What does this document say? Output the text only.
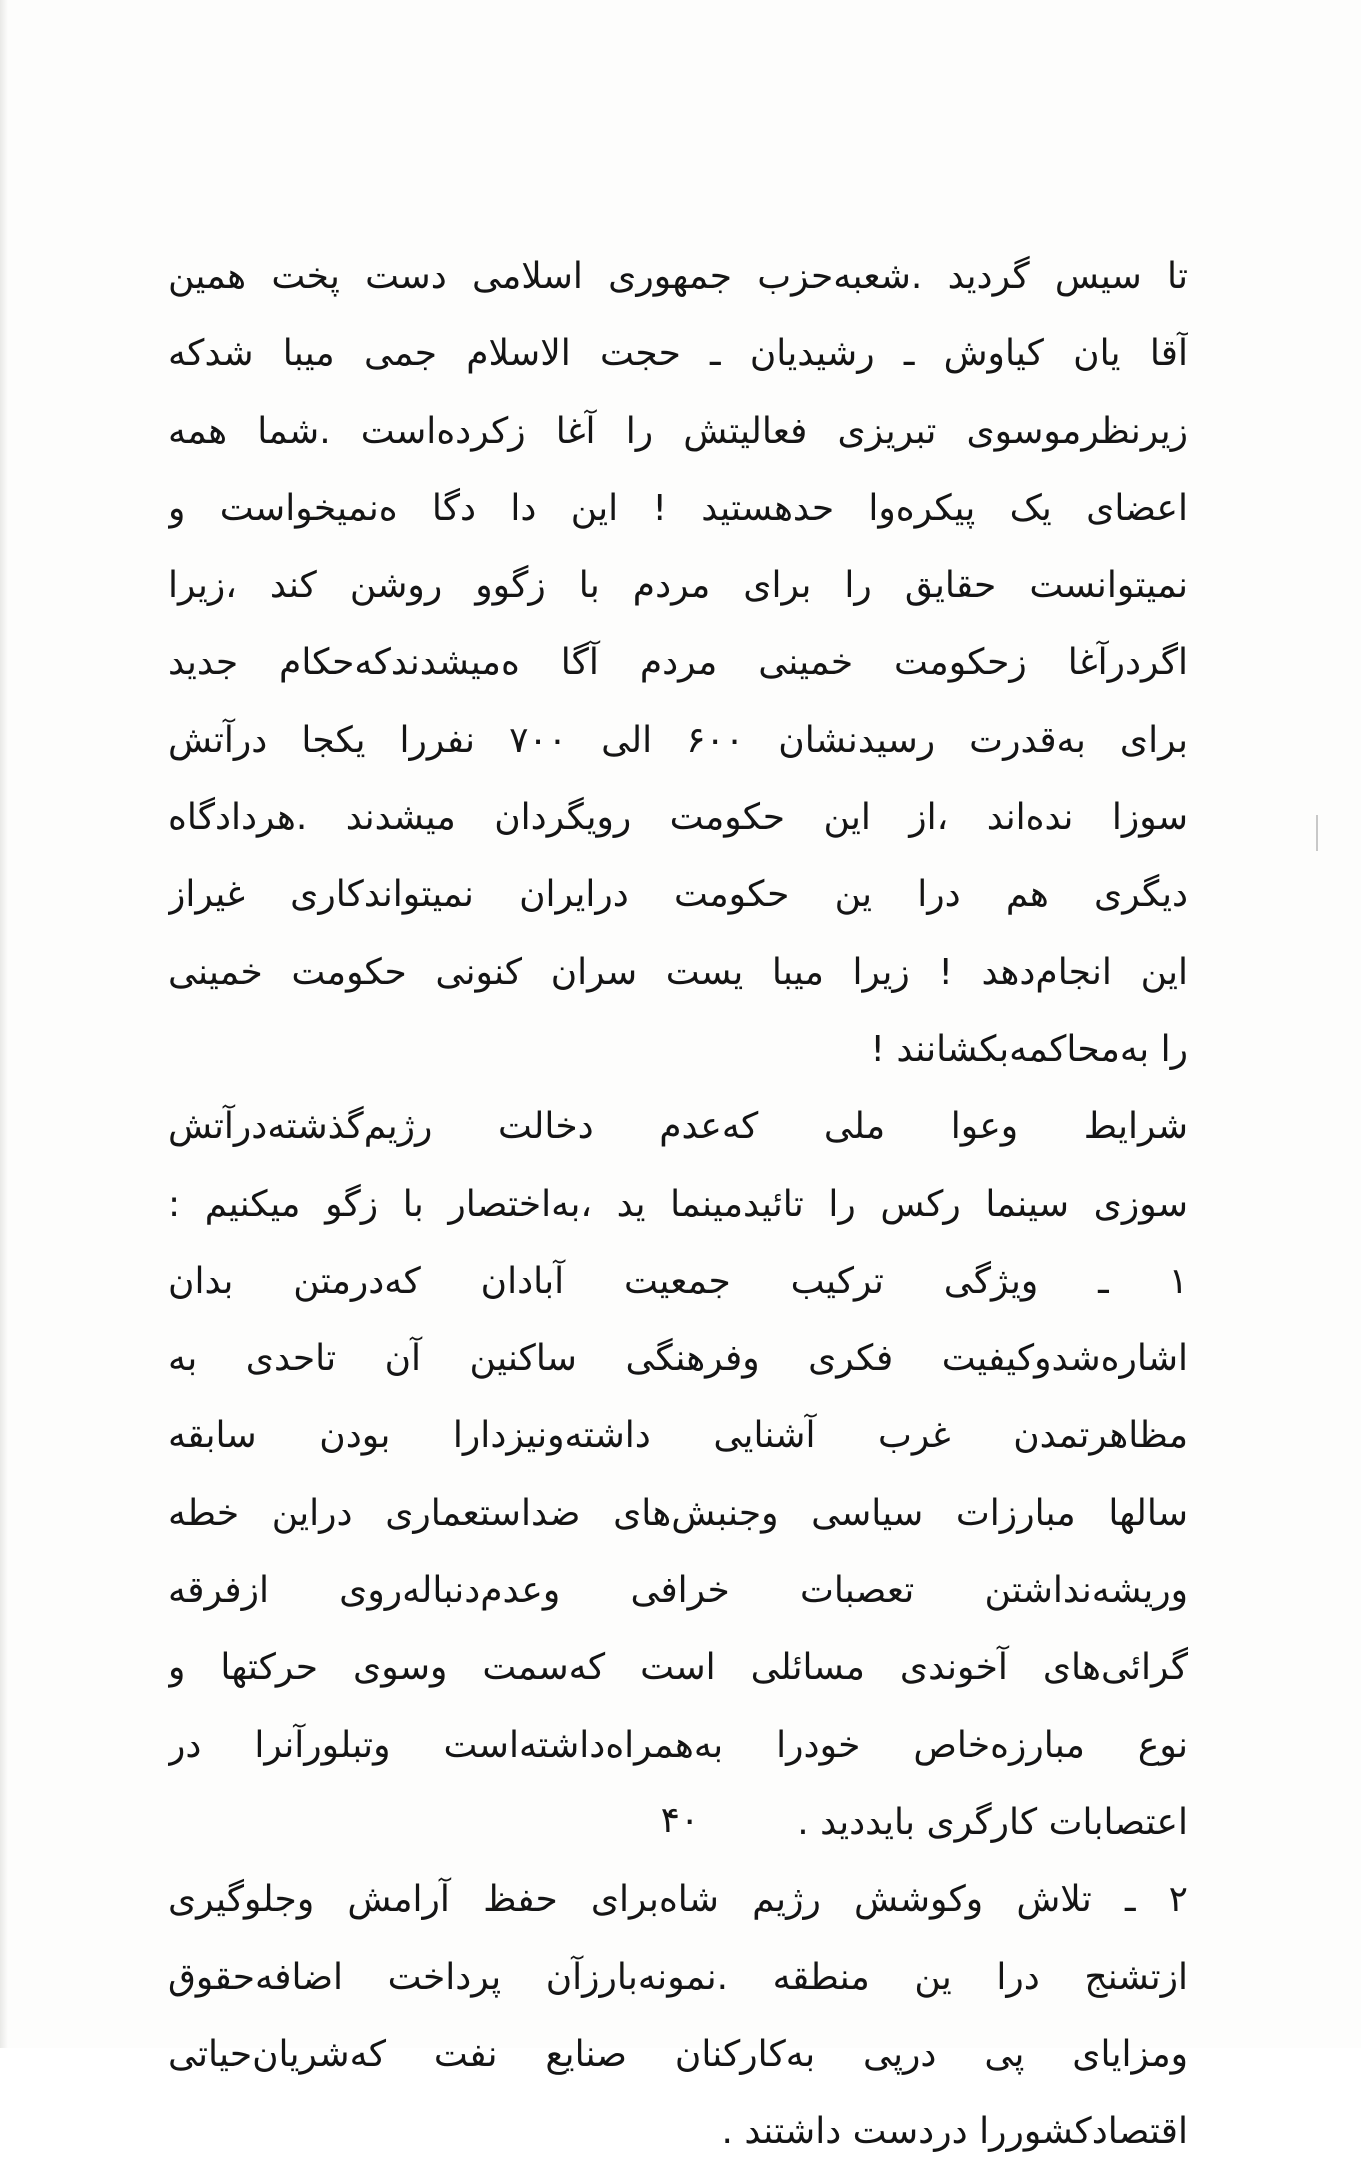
تا سیس گردید .شعبه‌حزب جمهوری اسلامی دست پخت همین
آقا یان کیاوش ـ رشیدیان ـ حجت الاسلام جمی میبا شدکه
زیرنظرموسوی تبریزی فعالیتش را آغا زکرده‌است .شما همه
اعضای یک پیکره‌وا حدهستید ! این دا دگا ه‌نمیخواست و
نمیتوانست حقایق را برای مردم با زگوو روشن کند ،زیرا
اگردرآغا زحکومت خمینی مردم آگا ه‌میشدندکه‌حکام جدید
برای به‌قدرت رسیدنشان ۶۰۰ الی ۷۰۰ نفررا یکجا درآتش
سوزا نده‌اند ،از این حکومت رویگردان میشدند .هردادگاه
دیگری هم درا ین حکومت درایران نمیتواندکاری غیراز
این انجام‌دهد ! زیرا میبا یست سران کنونی حکومت خمینی
را به‌محاکمه‌بکشانند !
شرایط وعوا ملی که‌عدم دخالت رژیم‌گذشته‌درآتش
سوزی سینما رکس را تائیدمینما ید ،به‌اختصار با زگو میکنیم :
۱ ـ ویژگی ترکیب جمعیت آبادان که‌درمتن بدان
اشاره‌شدوکیفیت فکری وفرهنگی ساکنین آن تاحدی به
مظاهرتمدن غرب آشنایی داشته‌ونیزدارا بودن سابقه
سالها مبارزات سیاسی وجنبش‌های ضداستعماری دراین خطه
وریشه‌نداشتن تعصبات خرافی وعدم‌دنباله‌روی ازفرقه
گرائی‌های آخوندی مسائلی است که‌سمت وسوی حرکتها و
نوع مبارزه‌خاص خودرا به‌همراه‌داشته‌است وتبلورآنرا در
اعتصابات کارگری بایددید .
۲ ـ تلاش وکوشش رژیم شاه‌برای حفظ آرامش وجلوگیری
ازتشنج درا ین منطقه .نمونه‌بارزآن پرداخت اضافه‌حقوق
ومزایای پی درپی به‌کارکنان صنایع نفت که‌شریان‌حیاتی
اقتصادکشوررا دردست داشتند .
۴۰
